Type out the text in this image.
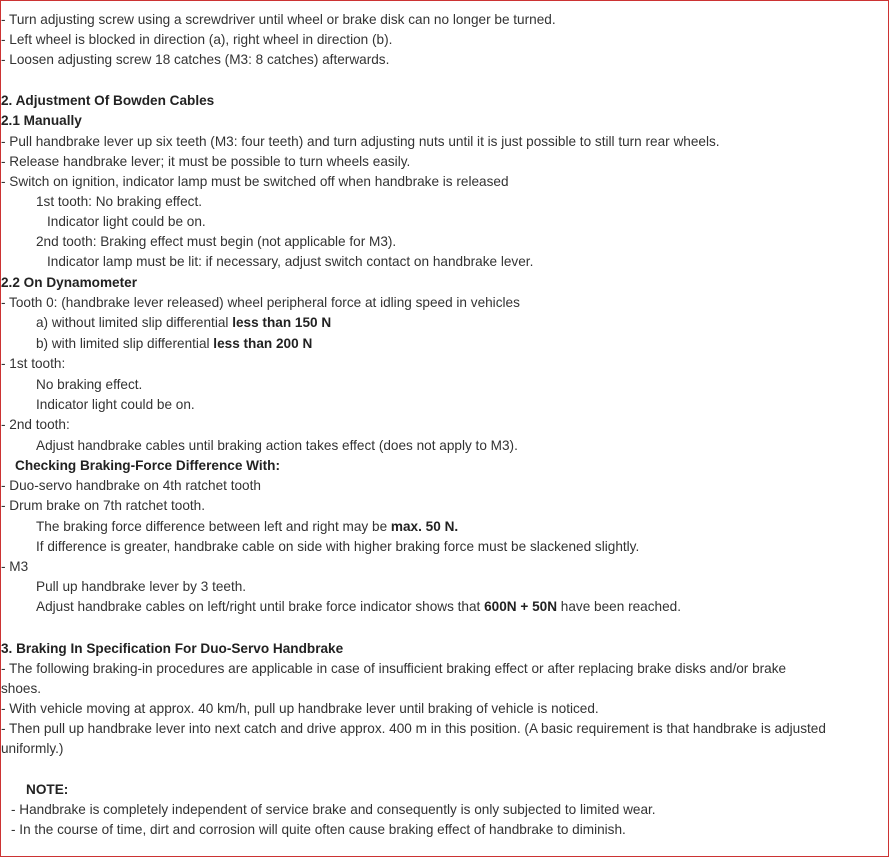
- Turn adjusting screw using a screwdriver until wheel or brake disk can no longer be turned.
- Left wheel is blocked in direction (a), right wheel in direction (b).
- Loosen adjusting screw 18 catches (M3: 8 catches) afterwards.
2. Adjustment Of Bowden Cables
2.1 Manually
- Pull handbrake lever up six teeth (M3: four teeth) and turn adjusting nuts until it is just possible to still turn rear wheels.
- Release handbrake lever; it must be possible to turn wheels easily.
- Switch on ignition, indicator lamp must be switched off when handbrake is released
1st tooth: No braking effect.
Indicator light could be on.
2nd tooth: Braking effect must begin (not applicable for M3).
Indicator lamp must be lit: if necessary, adjust switch contact on handbrake lever.
2.2 On Dynamometer
- Tooth 0: (handbrake lever released) wheel peripheral force at idling speed in vehicles
a) without limited slip differential less than 150 N
b) with limited slip differential less than 200 N
- 1st tooth:
No braking effect.
Indicator light could be on.
- 2nd tooth:
Adjust handbrake cables until braking action takes effect (does not apply to M3).
Checking Braking-Force Difference With:
- Duo-servo handbrake on 4th ratchet tooth
- Drum brake on 7th ratchet tooth.
The braking force difference between left and right may be max. 50 N.
If difference is greater, handbrake cable on side with higher braking force must be slackened slightly.
- M3
Pull up handbrake lever by 3 teeth.
Adjust handbrake cables on left/right until brake force indicator shows that 600N + 50N have been reached.
3. Braking In Specification For Duo-Servo Handbrake
- The following braking-in procedures are applicable in case of insufficient braking effect or after replacing brake disks and/or brake
shoes.
- With vehicle moving at approx. 40 km/h, pull up handbrake lever until braking of vehicle is noticed.
- Then pull up handbrake lever into next catch and drive approx. 400 m in this position. (A basic requirement is that handbrake is adjusted
uniformly.)
NOTE:
- Handbrake is completely independent of service brake and consequently is only subjected to limited wear.
- In the course of time, dirt and corrosion will quite often cause braking effect of handbrake to diminish.
